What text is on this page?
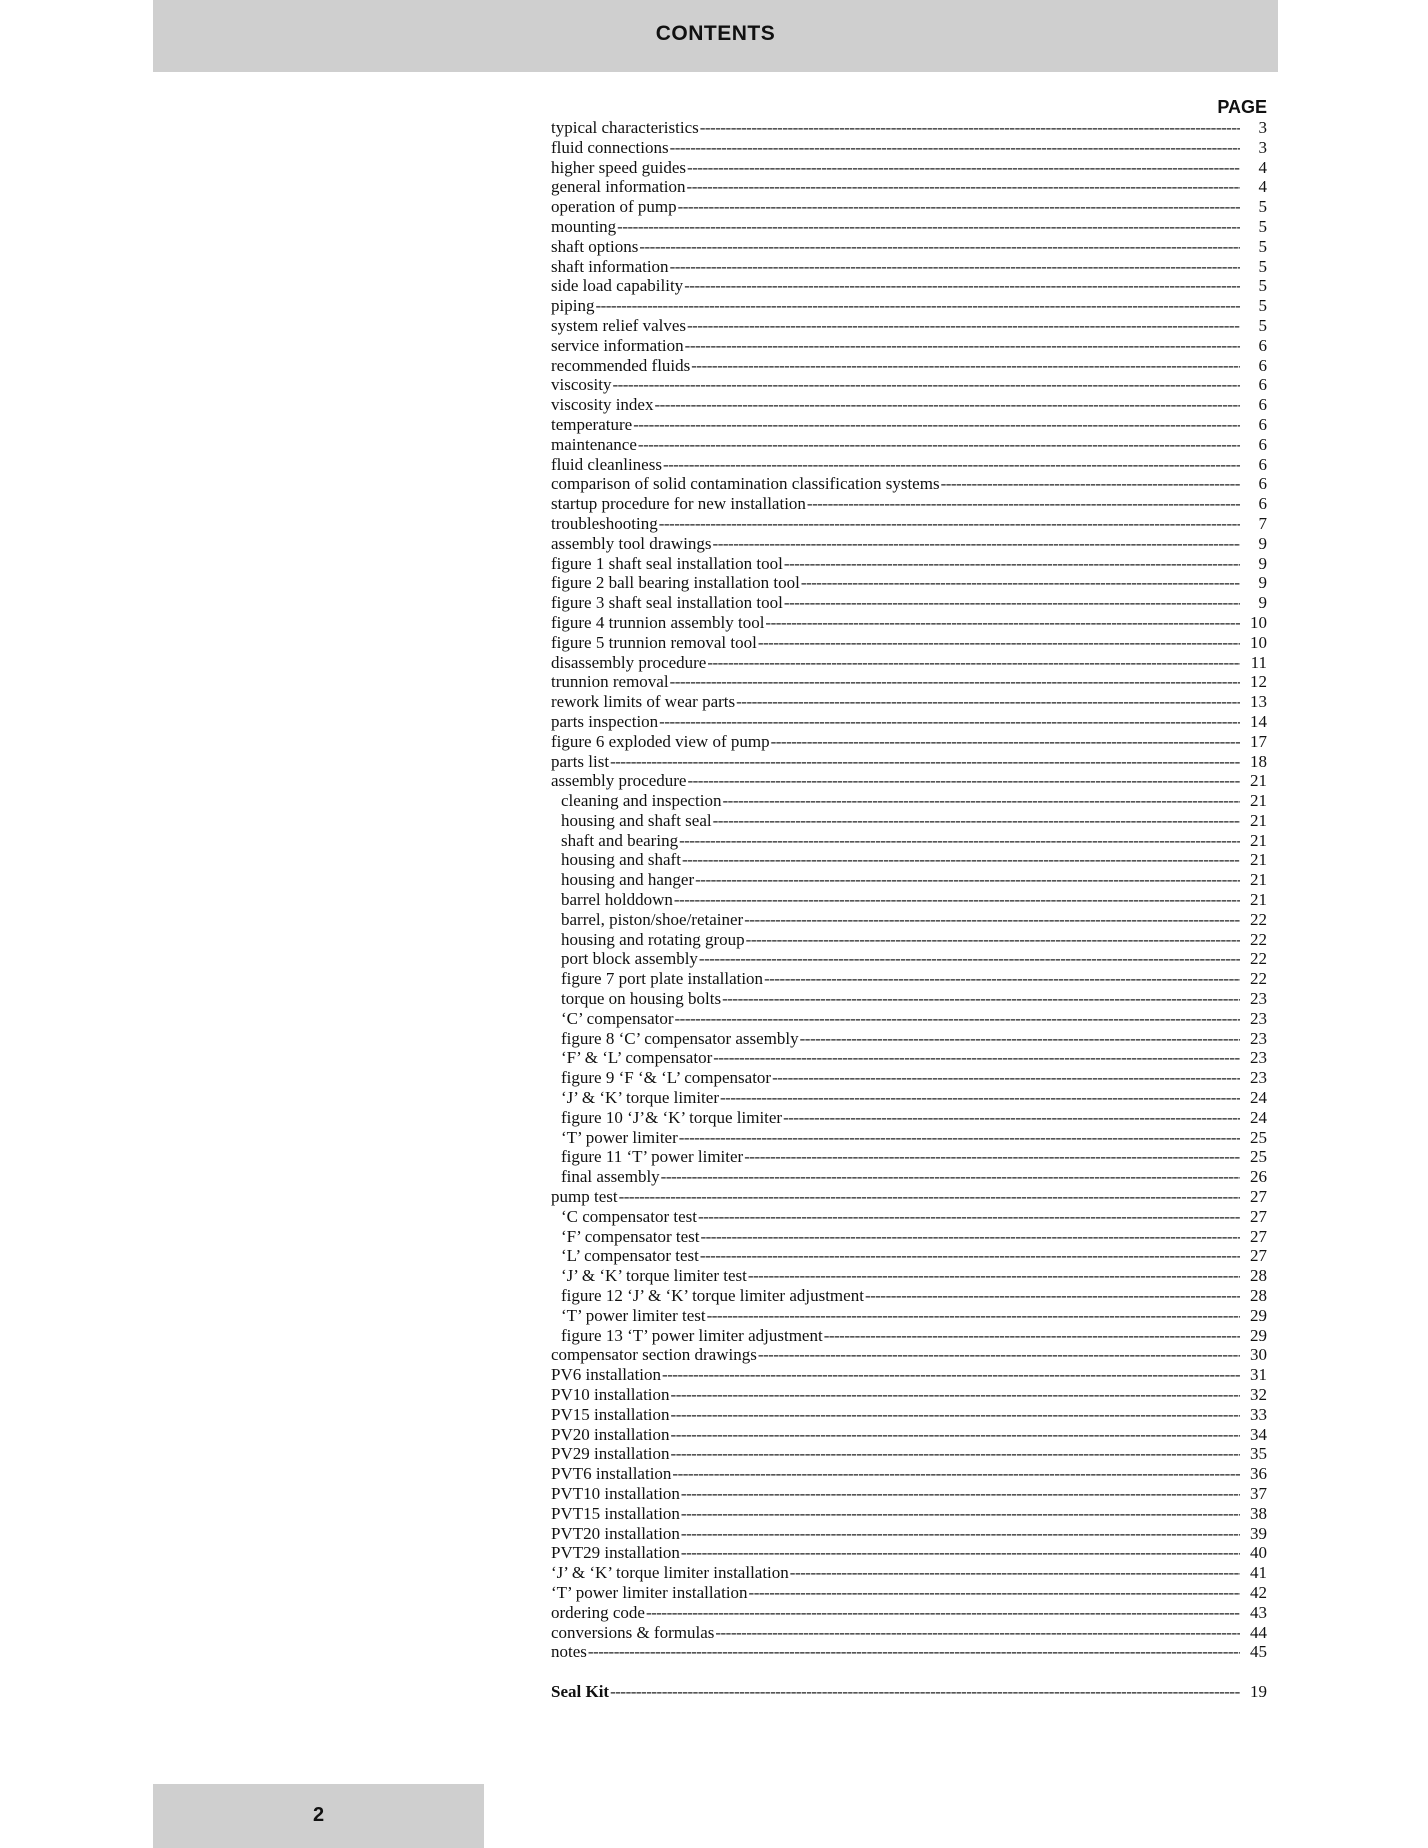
CONTENTS
PAGE
typical characteristics -----	3
fluid connections -----	3
higher speed guides -----	4
general information -----	4
operation of pump -----	5
mounting -----	5
shaft options -----	5
shaft information -----	5
side load capability -----	5
piping -----	5
system relief valves -----	5
service information -----	6
recommended fluids -----	6
viscosity -----	6
viscosity index -----	6
temperature -----	6
maintenance -----	6
fluid cleanliness -----	6
comparison of solid contamination classification systems -----	6
startup procedure for new installation -----	6
troubleshooting -----	7
assembly tool drawings -----	9
figure 1 shaft seal installation tool -----	9
figure 2 ball bearing installation tool -----	9
figure 3 shaft seal installation tool -----	9
figure 4 trunnion assembly tool -----	10
figure 5 trunnion removal tool -----	10
disassembly procedure -----	11
trunnion removal -----	12
rework limits of wear parts -----	13
parts inspection -----	14
figure 6 exploded view of pump -----	17
parts list -----	18
assembly procedure -----	21
cleaning and inspection -----	21
housing and shaft seal -----	21
shaft and bearing -----	21
housing and shaft -----	21
housing and hanger -----	21
barrel holddown -----	21
barrel, piston/shoe/retainer -----	22
housing and rotating group -----	22
port block assembly -----	22
figure 7 port plate installation -----	22
torque on housing bolts -----	23
‘C’ compensator -----	23
figure 8 ‘C’ compensator assembly -----	23
‘F’ & ‘L’ compensator -----	23
figure 9 ‘F ‘& ‘L’ compensator -----	23
‘J’ & ‘K’ torque limiter -----	24
figure 10 ‘J’& ‘K’ torque limiter -----	24
‘T’ power limiter -----	25
figure 11 ‘T’ power limiter -----	25
final assembly -----	26
pump test -----	27
‘C compensator test -----	27
‘F’ compensator test -----	27
‘L’ compensator test -----	27
‘J’ & ‘K’ torque limiter test -----	28
figure 12 ‘J’ & ‘K’ torque limiter adjustment -----	28
‘T’ power limiter test -----	29
figure 13 ‘T’ power limiter adjustment -----	29
compensator section drawings -----	30
PV6 installation -----	31
PV10 installation -----	32
PV15 installation -----	33
PV20 installation -----	34
PV29 installation -----	35
PVT6 installation -----	36
PVT10 installation -----	37
PVT15 installation -----	38
PVT20 installation -----	39
PVT29 installation -----	40
‘J’ & ‘K’ torque limiter installation -----	41
‘T’ power limiter installation -----	42
ordering code -----	43
conversions & formulas -----	44
notes -----	45
Seal Kit -----	19
2
